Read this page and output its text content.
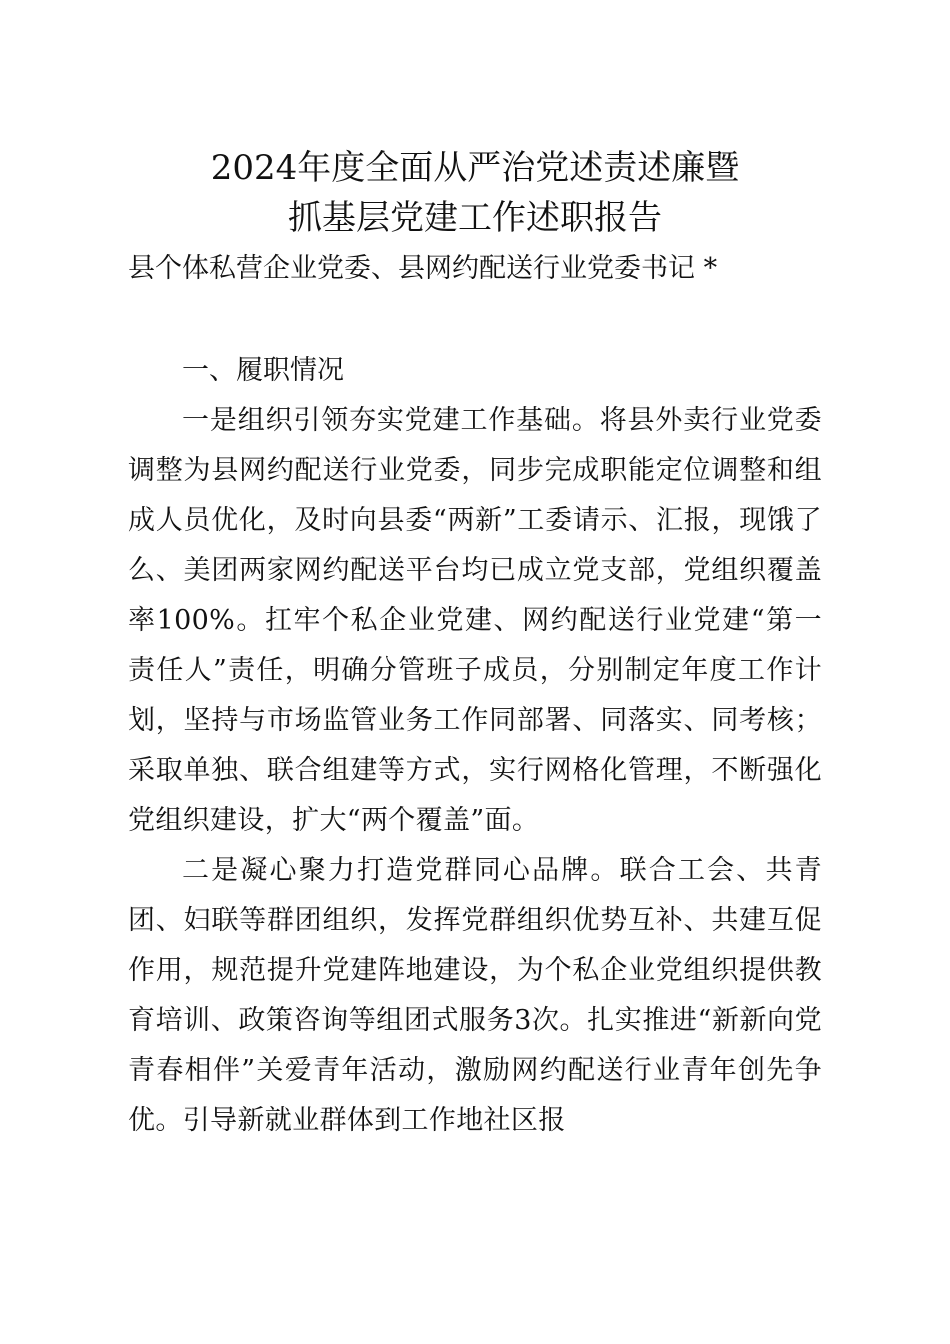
2024年度全面从严治党述责述廉暨
抓基层党建工作述职报告
县个体私营企业党委、县网约配送行业党委书记 *

一、履职情况

一是组织引领夯实党建工作基础。将县外卖行业党委调整为县网约配送行业党委，同步完成职能定位调整和组成人员优化，及时向县委“两新”工委请示、汇报，现饿了么、美团两家网约配送平台均已成立党支部，党组织覆盖率100%。扛牢个私企业党建、网约配送行业党建“第一责任人”责任，明确分管班子成员，分别制定年度工作计划，坚持与市场监管业务工作同部署、同落实、同考核；采取单独、联合组建等方式，实行网格化管理，不断强化党组织建设，扩大“两个覆盖”面。

二是凝心聚力打造党群同心品牌。联合工会、共青团、妇联等群团组织，发挥党群组织优势互补、共建互促作用，规范提升党建阵地建设，为个私企业党组织提供教育培训、政策咨询等组团式服务3次。扎实推进“新新向党 青春相伴”关爱青年活动，激励网约配送行业青年创先争优。引导新就业群体到工作地社区报
